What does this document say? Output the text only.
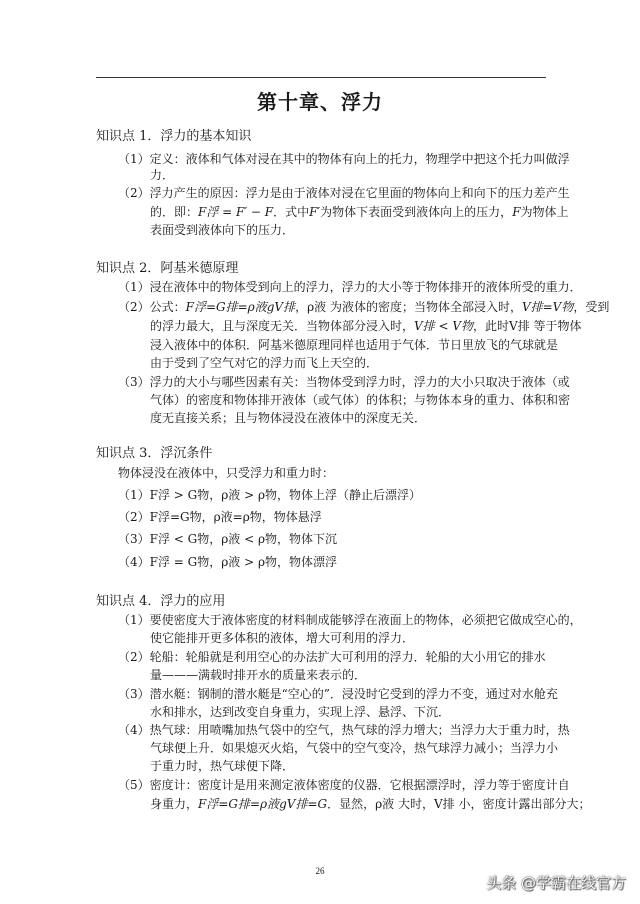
第十章、浮力
知识点 1．浮力的基本知识
（1）定义：液体和气体对浸在其中的物体有向上的托力，物理学中把这个托力叫做浮
力．
（2）浮力产生的原因：浮力是由于液体对浸在它里面的物体向上和向下的压力差产生
的．即：F浮 = F′ − F．式中F′为物体下表面受到液体向上的压力，F为物体上
表面受到液体向下的压力．
知识点 2．阿基米德原理
（1）浸在液体中的物体受到向上的浮力，浮力的大小等于物体排开的液体所受的重力．
（2）公式：F浮=G排=ρ液gV排，ρ液 为液体的密度；当物体全部浸入时，V排=V物，受到
的浮力最大，且与深度无关．当物体部分浸入时，V排 < V物，此时V排 等于物体
浸入液体中的体积．阿基米德原理同样也适用于气体．节日里放飞的气球就是
由于受到了空气对它的浮力而飞上天空的．
（3）浮力的大小与哪些因素有关：当物体受到浮力时，浮力的大小只取决于液体（或
气体）的密度和物体排开液体（或气体）的体积；与物体本身的重力、体积和密
度无直接关系；且与物体浸没在液体中的深度无关．
知识点 3．浮沉条件
物体浸没在液体中，只受浮力和重力时：
（1）F浮 > G物，ρ液 > ρ物，物体上浮（静止后漂浮）
（2）F浮=G物，ρ液=ρ物，物体悬浮
（3）F浮 < G物，ρ液 < ρ物，物体下沉
（4）F浮 = G物，ρ液 > ρ物，物体漂浮
知识点 4．浮力的应用
（1）要使密度大于液体密度的材料制成能够浮在液面上的物体，必须把它做成空心的，
使它能排开更多体积的液体，增大可利用的浮力．
（2）轮船：轮船就是利用空心的办法扩大可利用的浮力．轮船的大小用它的排水
量———满载时排开水的质量来表示的．
（3）潜水艇：钢制的潜水艇是“空心的”．浸没时它受到的浮力不变，通过对水舱充
水和排水，达到改变自身重力，实现上浮、悬浮、下沉．
（4）热气球：用喷嘴加热气袋中的空气，热气球的浮力增大；当浮力大于重力时，热
气球便上升．如果熄灭火焰，气袋中的空气变冷，热气球浮力减小；当浮力小
于重力时，热气球便下降．
（5）密度计：密度计是用来测定液体密度的仪器．它根据漂浮时，浮力等于密度计自
身重力，F浮=G排=ρ液gV排=G．显然，ρ液 大时，V排 小，密度计露出部分大；
26
头条 @学霸在线官方
